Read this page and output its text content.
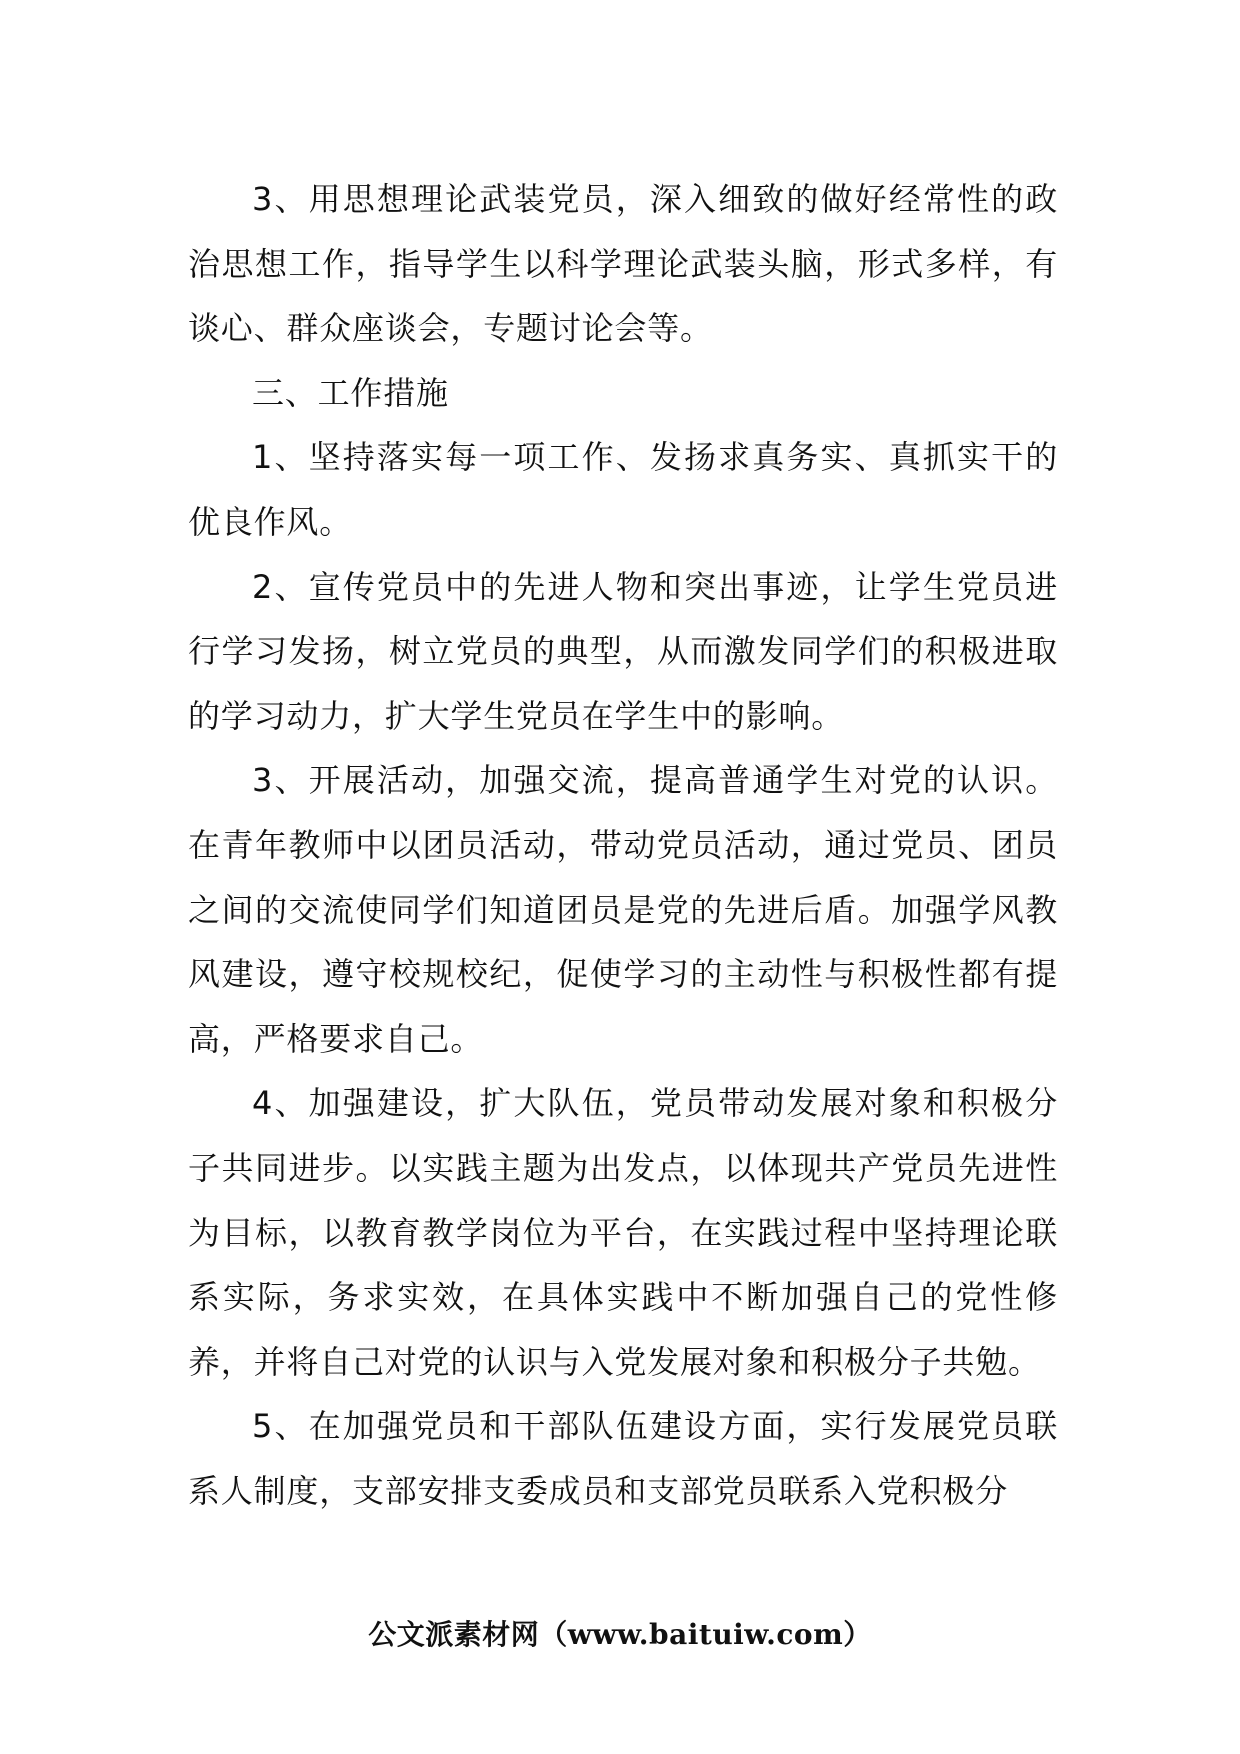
3、用思想理论武装党员，深入细致的做好经常性的政治思想工作，指导学生以科学理论武装头脑，形式多样，有谈心、群众座谈会，专题讨论会等。

三、工作措施

1、坚持落实每一项工作、发扬求真务实、真抓实干的优良作风。

2、宣传党员中的先进人物和突出事迹，让学生党员进行学习发扬，树立党员的典型，从而激发同学们的积极进取的学习动力，扩大学生党员在学生中的影响。

3、开展活动，加强交流，提高普通学生对党的认识。在青年教师中以团员活动，带动党员活动，通过党员、团员之间的交流使同学们知道团员是党的先进后盾。加强学风教风建设，遵守校规校纪，促使学习的主动性与积极性都有提高，严格要求自己。

4、加强建设，扩大队伍，党员带动发展对象和积极分子共同进步。以实践主题为出发点，以体现共产党员先进性为目标，以教育教学岗位为平台，在实践过程中坚持理论联系实际，务求实效，在具体实践中不断加强自己的党性修养，并将自己对党的认识与入党发展对象和积极分子共勉。

5、在加强党员和干部队伍建设方面，实行发展党员联系人制度，支部安排支委成员和支部党员联系入党积极分

公文派素材网（www.baituiw.com）
